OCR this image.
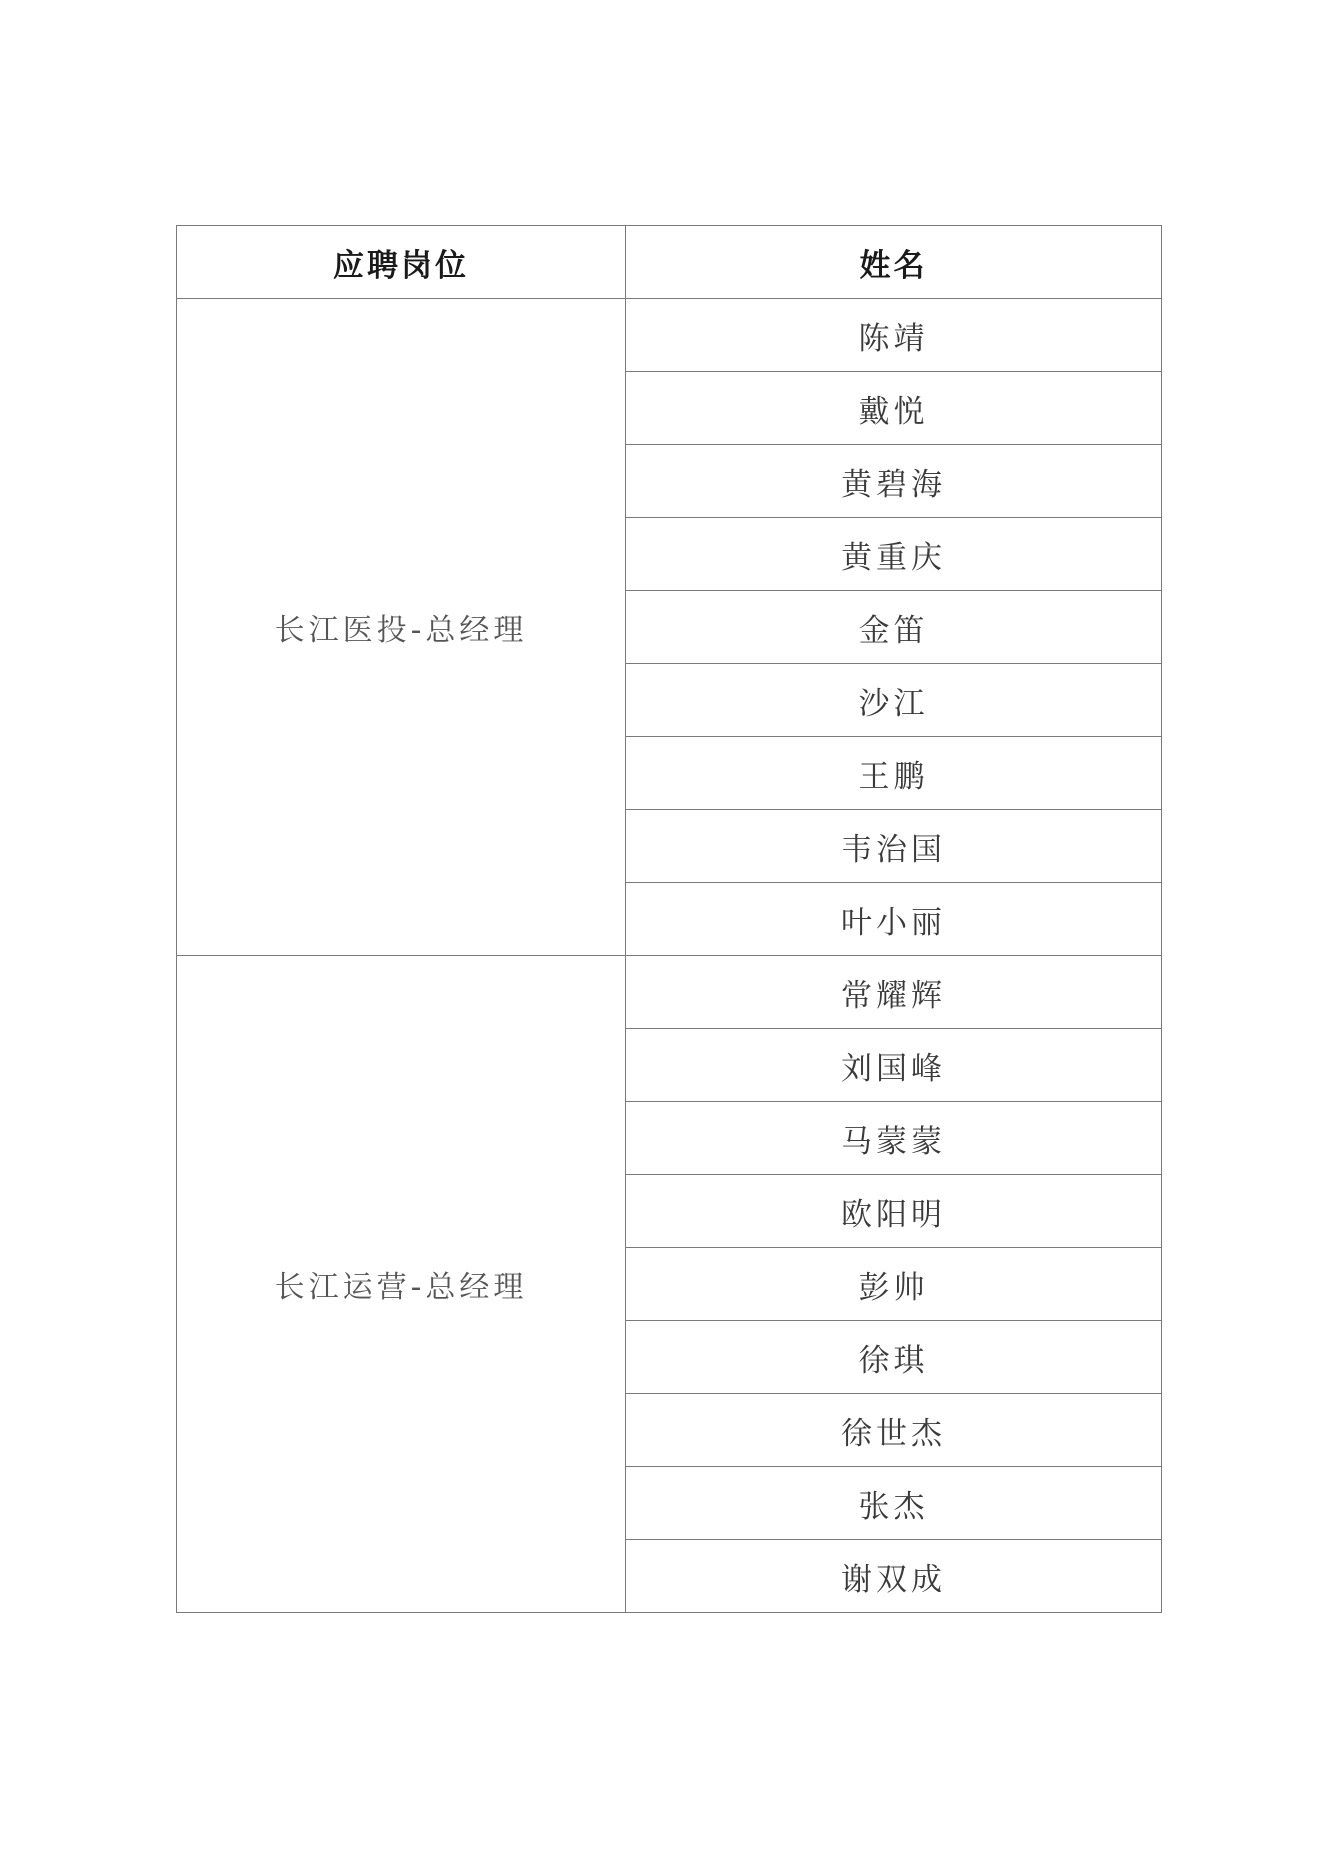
应聘岗位	姓名
长江医投-总经理	陈靖
	戴悦
	黄碧海
	黄重庆
	金笛
	沙江
	王鹏
	韦治国
	叶小丽
长江运营-总经理	常耀辉
	刘国峰
	马蒙蒙
	欧阳明
	彭帅
	徐琪
	徐世杰
	张杰
	谢双成
